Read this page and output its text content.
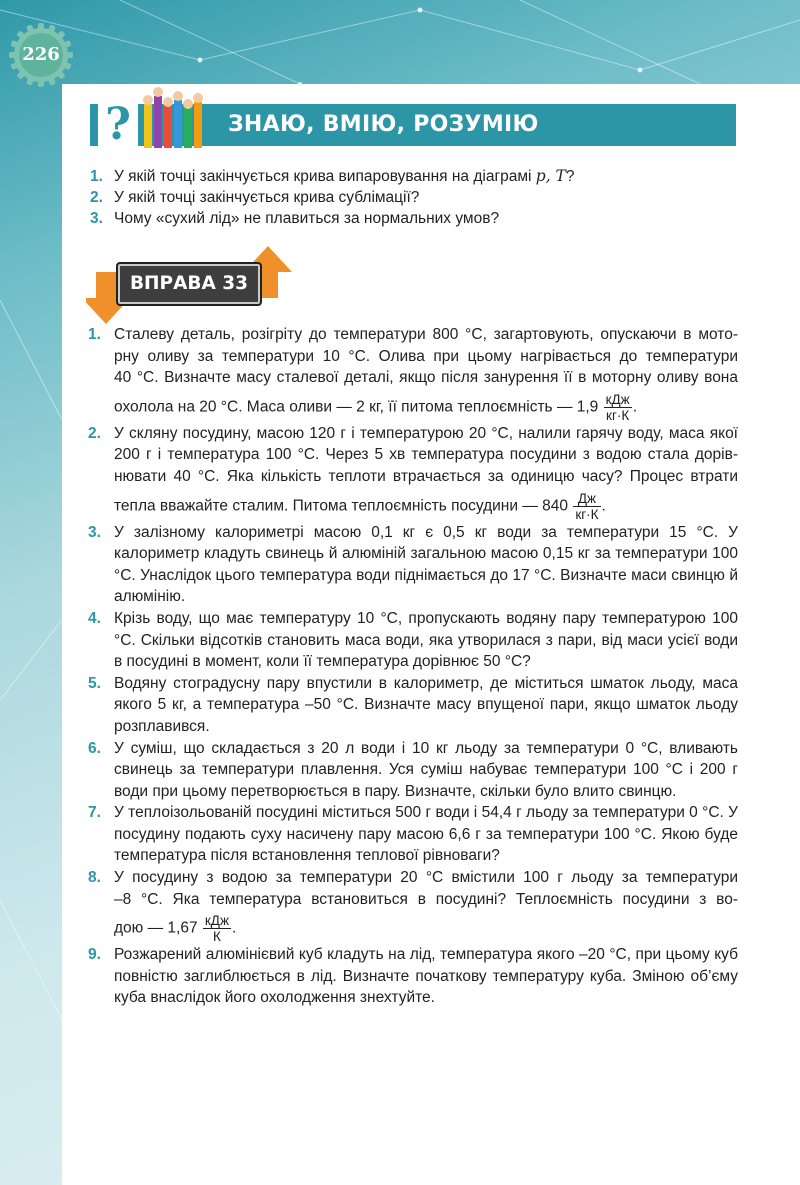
226
?	ЗНАЮ, ВМІЮ, РОЗУМІЮ
1. У якій точці закінчується крива випаровування на діаграмі p, T?
2. У якій точці закінчується крива сублімації?
3. Чому «сухий лід» не плавиться за нормальних умов?
ВПРАВА 33
1. Сталеву деталь, розігріту до температури 800 °С, загартовують, опускаючи в мото-
рну оливу за температури 10 °С. Олива при цьому нагрівається до температури
40 °С. Визначте масу сталевої деталі, якщо після занурення її в моторну оливу вона
охолола на 20 °С. Маса оливи — 2 кг, її питома теплоємність — $1,9 \frac{\text{кДж}}{кг\cdot К}$ .
2. У скляну посудину, масою 120 г і температурою 20 °С, налили гарячу воду, маса якої
200 г і температура 100 °С. Через 5 хв температура посудини з водою стала дорів-
нювати 40 °С. Яка кількість теплоти втрачається за одиницю часу? Процес втрати
тепла вважайте сталим. Питома теплоємність посудини — $840 \frac{Дж}{кг\cdot К}$ .
3. У залізному калориметрі масою 0,1 кг є 0,5 кг води за температури 15 °С. У калориметр кладуть свинець й алюміній загальною масою 0,15 кг за температури 100 °С. Унаслідок цього температура води піднімається до 17 °С. Визначте маси свинцю й алюмінію.
4. Крізь воду, що має температуру 10 °С, пропускають водяну пару температурою 100 °С. Скільки відсотків становить маса води, яка утворилася з пари, від маси усієї води в посудині в момент, коли її температура дорівнює 50 °С?
5. Водяну стоградусну пару впустили в калориметр, де міститься шматок льоду, маса якого 5 кг, а температура –50 °С. Визначте масу впущеної пари, якщо шматок льоду розплавився.
6. У суміш, що складається з 20 л води і 10 кг льоду за температури 0 °С, вливають свинець за температури плавлення. Уся суміш набуває температури 100 °С і 200 г води при цьому перетворюється в пару. Визначте, скільки було влито свинцю.
7. У теплоізольованій посудині міститься 500 г води і 54,4 г льоду за температури 0 °С. У посудину подають суху насичену пару масою 6,6 г за температури 100 °С. Якою буде температура після встановлення теплової рівноваги?
8. У посудину з водою за температури 20 °С вмістили 100 г льоду за температури
–8 °С. Яка температура встановиться в посудині? Теплоємність посудини з во-
дою — $1,67 \frac{\text{кДж}}{К}$ .
9. Розжарений алюмінієвий куб кладуть на лід, температура якого –20 °С, при цьому куб повністю заглиблюється в лід. Визначте початкову температуру куба. Зміною об’єму куба внаслідок його охолодження знехтуйте.
